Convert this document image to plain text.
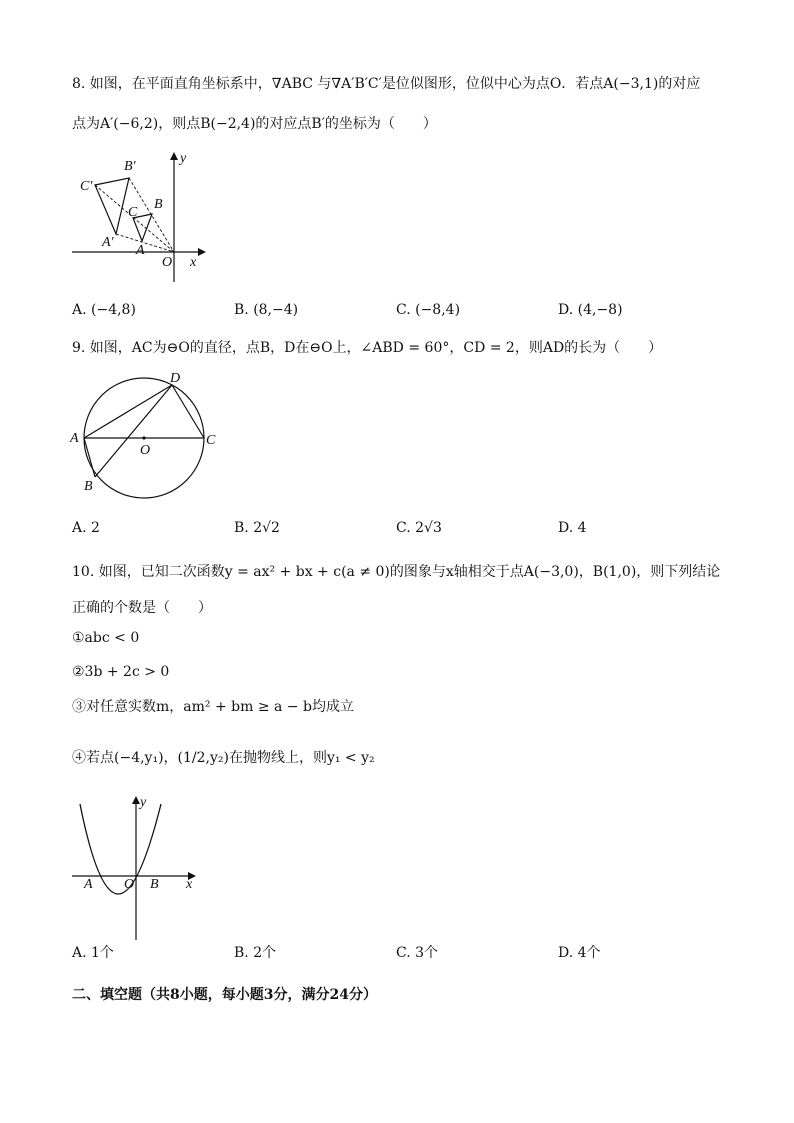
8. 如图，在平面直角坐标系中，∇ABC 与∇A′B′C′是位似图形，位似中心为点O．若点A(−3,1)的对应
点为A′(−6,2)，则点B(−2,4)的对应点B′的坐标为（　　）
B′
C′
A′
B
C
A
O x
y
A. (−4,8)	B. (8,−4)	C. (−8,4)	D. (4,−8)
9. 如图，AC为⊖O的直径，点B，D在⊖O上，∠ABD = 60°，CD = 2，则AD的长为（　　）
D
A
O
C
B
A. 2	B. 2√2	C. 2√3	D. 4
10. 如图，已知二次函数y = ax² + bx + c(a ≠ 0)的图象与x轴相交于点A(−3,0)，B(1,0)，则下列结论
正确的个数是（　　）
①abc < 0
②3b + 2c > 0
③对任意实数m，am² + bm ≥ a − b均成立
④若点(−4,y₁)，(1/2,y₂)在抛物线上，则y₁ < y₂
y
x
A O B
A. 1个	B. 2个	C. 3个	D. 4个
二、填空题（共8小题，每小题3分，满分24分）
